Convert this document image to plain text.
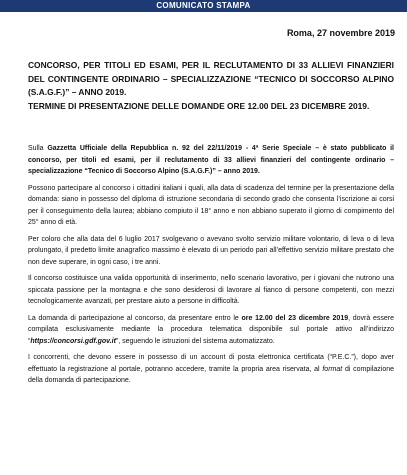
COMUNICATO STAMPA
Roma, 27 novembre 2019

CONCORSO, PER TITOLI ED ESAMI, PER IL RECLUTAMENTO DI 33 ALLIEVI FINANZIERI DEL CONTINGENTE ORDINARIO – SPECIALIZZAZIONE “TECNICO DI SOCCORSO ALPINO (S.A.G.F.)” – ANNO 2019.

TERMINE DI PRESENTAZIONE DELLE DOMANDE ORE 12.00 DEL 23 DICEMBRE 2019.

Sulla Gazzetta Ufficiale della Repubblica n. 92 del 22/11/2019 - 4ª Serie Speciale – è stato pubblicato il concorso, per titoli ed esami, per il reclutamento di 33 allievi finanzieri del contingente ordinario – specializzazione “Tecnico di Soccorso Alpino (S.A.G.F.)” – anno 2019.

Possono partecipare al concorso i cittadini italiani i quali, alla data di scadenza del termine per la presentazione della domanda: siano in possesso del diploma di istruzione secondaria di secondo grado che consenta l’iscrizione ai corsi per il conseguimento della laurea; abbiano compiuto il 18° anno e non abbiano superato il giorno di compimento del 25° anno di età.

Per coloro che alla data del 6 luglio 2017 svolgevano o avevano svolto servizio militare volontario, di leva o di leva prolungato, il predetto limite anagrafico massimo è elevato di un periodo pari all’effettivo servizio militare prestato che non deve superare, in ogni caso, i tre anni.

Il concorso costituisce una valida opportunità di inserimento, nello scenario lavorativo, per i giovani che nutrono una spiccata passione per la montagna e che sono desiderosi di lavorare al fianco di persone competenti, con mezzi tecnologicamente avanzati, per prestare aiuto a persone in difficoltà.

La domanda di partecipazione al concorso, da presentare entro le ore 12.00 del 23 dicembre 2019, dovrà essere compilata esclusivamente mediante la procedura telematica disponibile sul portale attivo all’indirizzo “https://concorsi.gdf.gov.it”, seguendo le istruzioni del sistema automatizzato.

I concorrenti, che devono essere in possesso di un account di posta elettronica certificata (“P.E.C.”), dopo aver effettuato la registrazione al portale, potranno accedere, tramite la propria area riservata, al format di compilazione della domanda di partecipazione.
